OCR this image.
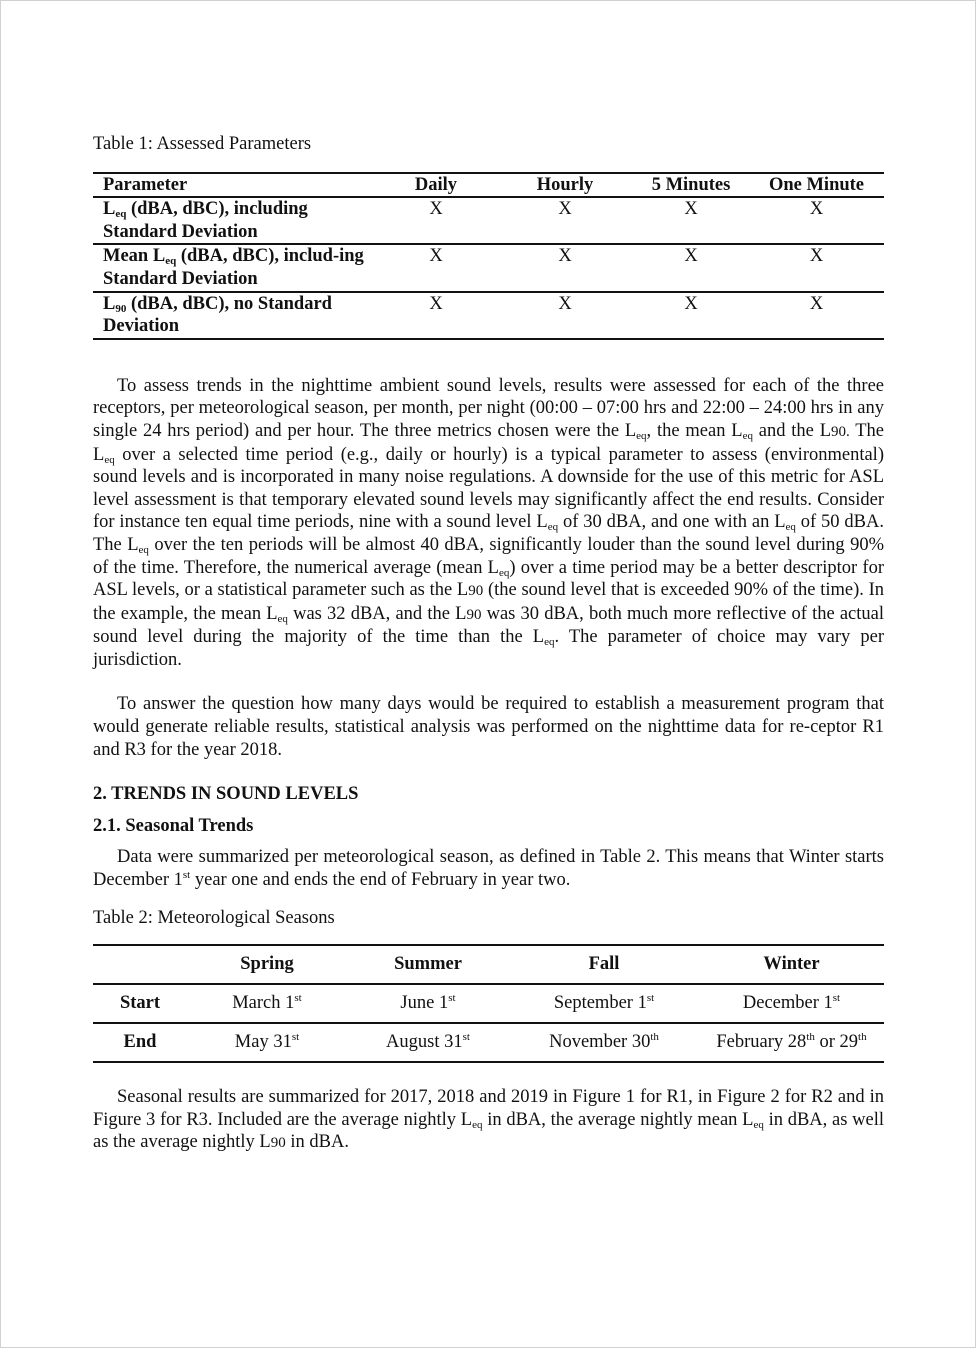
Table 1: Assessed Parameters

Parameter	Daily	Hourly	5 Minutes	One Minute
$L_{eq}$ (dBA, dBC), including Standard Deviation	X	X	X	X
Mean $L_{eq}$ (dBA, dBC), includ-ing Standard Deviation	X	X	X	X
$L_{90}$ (dBA, dBC), no Standard Deviation	X	X	X	X

To assess trends in the nighttime ambient sound levels, results were assessed for each of the three receptors, per meteorological season, per month, per night (00:00 – 07:00 hrs and 22:00 – 24:00 hrs in any single 24 hrs period) and per hour. The three metrics chosen were the $L_{eq}$, the mean $L_{eq}$ and the L90. The $L_{eq}$ over a selected time period (e.g., daily or hourly) is a typical parameter to assess (environmental) sound levels and is incorporated in many noise regulations. A downside for the use of this metric for ASL level assessment is that temporary elevated sound levels may significantly affect the end results. Consider for instance ten equal time periods, nine with a sound level $L_{eq}$ of 30 dBA, and one with an $L_{eq}$ of 50 dBA. The $L_{eq}$ over the ten periods will be almost 40 dBA, significantly louder than the sound level during 90% of the time. Therefore, the numerical average (mean $L_{eq}$) over a time period may be a better descriptor for ASL levels, or a statistical parameter such as the L90 (the sound level that is exceeded 90% of the time). In the example, the mean $L_{eq}$ was 32 dBA, and the L90 was 30 dBA, both much more reflective of the actual sound level during the majority of the time than the $L_{eq}$. The parameter of choice may vary per jurisdiction.

To answer the question how many days would be required to establish a measurement program that would generate reliable results, statistical analysis was performed on the nighttime data for re-ceptor R1 and R3 for the year 2018.

2. TRENDS IN SOUND LEVELS
2.1. Seasonal Trends

Data were summarized per meteorological season, as defined in Table 2. This means that Winter starts December 1st year one and ends the end of February in year two.

Table 2: Meteorological Seasons

	Spring	Summer	Fall	Winter
Start	March 1st	June 1st	September 1st	December 1st
End	May 31st	August 31st	November 30th	February 28th or 29th

Seasonal results are summarized for 2017, 2018 and 2019 in Figure 1 for R1, in Figure 2 for R2 and in Figure 3 for R3. Included are the average nightly $L_{eq}$ in dBA, the average nightly mean $L_{eq}$ in dBA, as well as the average nightly L90 in dBA.
